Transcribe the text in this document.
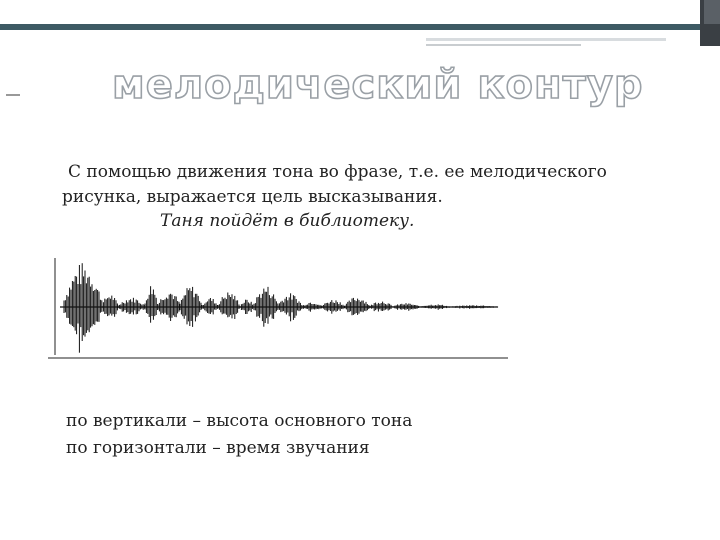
мелодический контур
С помощью движения тона во фразе, т.е. ее мелодического рисунка, выражается цель высказывания.
Таня пойдёт в библиотеку.
по вертикали – высота основного тона
по горизонтали – время звучания
